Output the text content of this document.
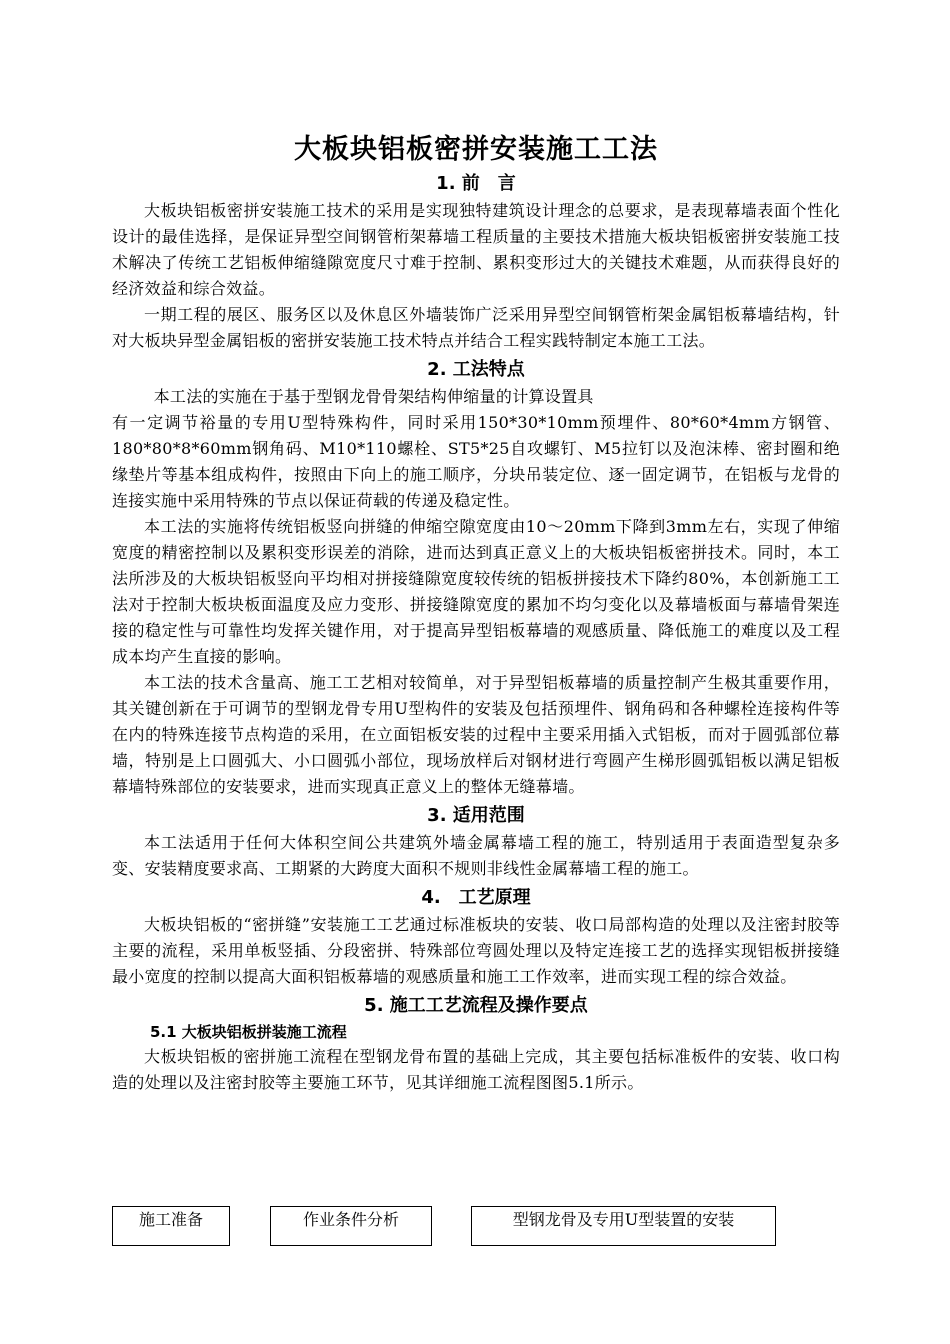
大板块铝板密拼安装施工工法
1. 前　言

大板块铝板密拼安装施工技术的采用是实现独特建筑设计理念的总要求，是表现幕墙表面个性化设计的最佳选择，是保证异型空间钢管桁架幕墙工程质量的主要技术措施大板块铝板密拼安装施工技术解决了传统工艺铝板伸缩缝隙宽度尺寸难于控制、累积变形过大的关键技术难题，从而获得良好的经济效益和综合效益。

一期工程的展区、服务区以及休息区外墙装饰广泛采用异型空间钢管桁架金属铝板幕墙结构，针对大板块异型金属铝板的密拼安装施工技术特点并结合工程实践特制定本施工工法。

2. 工法特点

本工法的实施在于基于型钢龙骨骨架结构伸缩量的计算设置具

有一定调节裕量的专用U型特殊构件，同时采用150*30*10mm预埋件、80*60*4mm方钢管、180*80*8*60mm钢角码、M10*110螺栓、ST5*25自攻螺钉、M5拉钉以及泡沫棒、密封圈和绝缘垫片等基本组成构件，按照由下向上的施工顺序，分块吊装定位、逐一固定调节，在铝板与龙骨的连接实施中采用特殊的节点以保证荷载的传递及稳定性。

本工法的实施将传统铝板竖向拼缝的伸缩空隙宽度由10～20mm下降到3mm左右，实现了伸缩宽度的精密控制以及累积变形误差的消除，进而达到真正意义上的大板块铝板密拼技术。同时，本工法所涉及的大板块铝板竖向平均相对拼接缝隙宽度较传统的铝板拼接技术下降约80%，本创新施工工法对于控制大板块板面温度及应力变形、拼接缝隙宽度的累加不均匀变化以及幕墙板面与幕墙骨架连接的稳定性与可靠性均发挥关键作用，对于提高异型铝板幕墙的观感质量、降低施工的难度以及工程成本均产生直接的影响。

本工法的技术含量高、施工工艺相对较简单，对于异型铝板幕墙的质量控制产生极其重要作用，其关键创新在于可调节的型钢龙骨专用U型构件的安装及包括预埋件、钢角码和各种螺栓连接构件等在内的特殊连接节点构造的采用，在立面铝板安装的过程中主要采用插入式铝板，而对于圆弧部位幕墙，特别是上口圆弧大、小口圆弧小部位，现场放样后对钢材进行弯圆产生梯形圆弧铝板以满足铝板幕墙特殊部位的安装要求，进而实现真正意义上的整体无缝幕墙。

3. 适用范围

本工法适用于任何大体积空间公共建筑外墙金属幕墙工程的施工，特别适用于表面造型复杂多变、安装精度要求高、工期紧的大跨度大面积不规则非线性金属幕墙工程的施工。

4.　工艺原理

大板块铝板的“密拼缝”安装施工工艺通过标准板块的安装、收口局部构造的处理以及注密封胶等主要的流程，采用单板竖插、分段密拼、特殊部位弯圆处理以及特定连接工艺的选择实现铝板拼接缝最小宽度的控制以提高大面积铝板幕墙的观感质量和施工工作效率，进而实现工程的综合效益。

5. 施工工艺流程及操作要点
5.1 大板块铝板拼装施工流程

大板块铝板的密拼施工流程在型钢龙骨布置的基础上完成，其主要包括标准板件的安装、收口构造的处理以及注密封胶等主要施工环节，见其详细施工流程图图5.1所示。

施工准备	作业条件分析	型钢龙骨及专用U型装置的安装
